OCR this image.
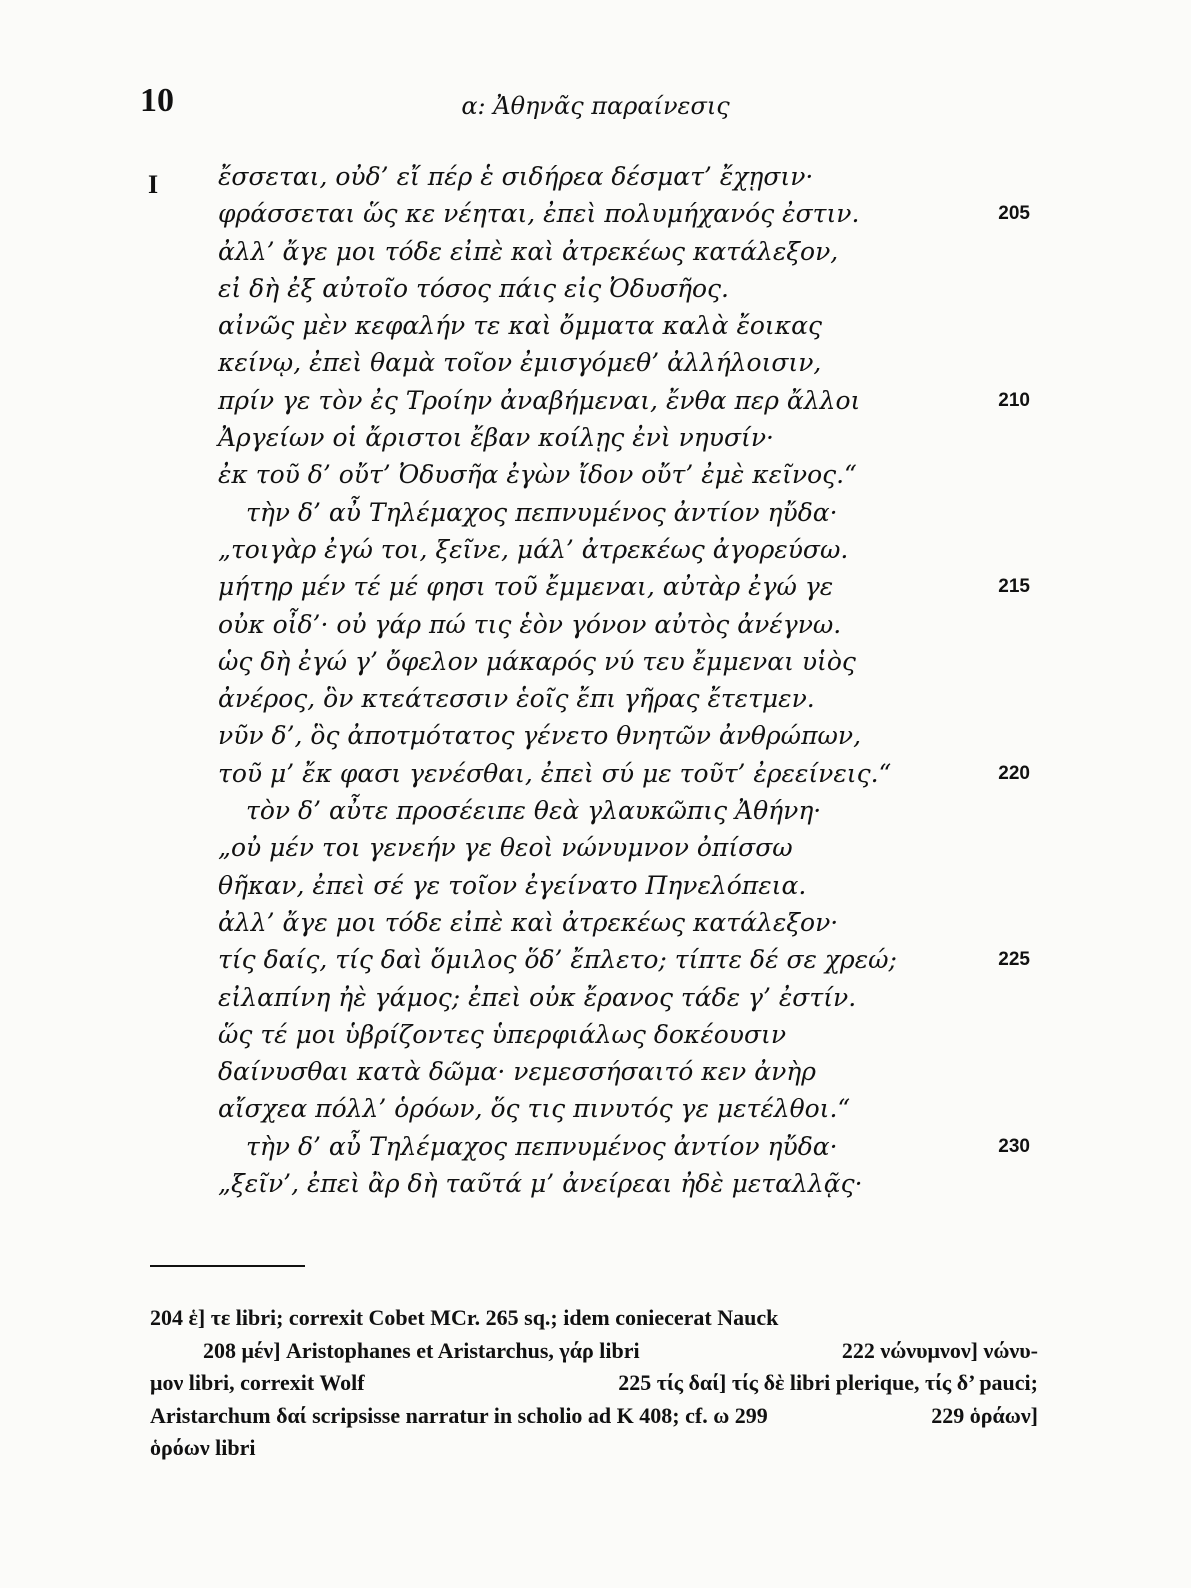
10	α: Ἀθηνᾶς παραίνεσις
I ἔσσεται, οὐδ’ εἴ πέρ ἑ σιδήρεα δέσματ’ ἔχῃσιν·
φράσσεται ὥς κε νέηται, ἐπεὶ πολυμήχανός ἐστιν.	205
ἀλλ’ ἄγε μοι τόδε εἰπὲ καὶ ἀτρεκέως κατάλεξον,
εἰ δὴ ἐξ αὐτοῖο τόσος πάις εἰς Ὀδυσῆος.
αἰνῶς μὲν κεφαλήν τε καὶ ὄμματα καλὰ ἔοικας
κείνῳ, ἐπεὶ θαμὰ τοῖον ἐμισγόμεθ’ ἀλλήλοισιν,
πρίν γε τὸν ἐς Τροίην ἀναβήμεναι, ἔνθα περ ἄλλοι	210
Ἀργείων οἱ ἄριστοι ἔβαν κοίλῃς ἐνὶ νηυσίν·
ἐκ τοῦ δ’ οὔτ’ Ὀδυσῆα ἐγὼν ἴδον οὔτ’ ἐμὲ κεῖνος.“
τὴν δ’ αὖ Τηλέμαχος πεπνυμένος ἀντίον ηὔδα·
„τοιγὰρ ἐγώ τοι, ξεῖνε, μάλ’ ἀτρεκέως ἀγορεύσω.
μήτηρ μέν τέ μέ φησι τοῦ ἔμμεναι, αὐτὰρ ἐγώ γε	215
οὐκ οἶδ’· οὐ γάρ πώ τις ἑὸν γόνον αὐτὸς ἀνέγνω.
ὡς δὴ ἐγώ γ’ ὄφελον μάκαρός νύ τευ ἔμμεναι υἱὸς
ἀνέρος, ὃν κτεάτεσσιν ἑοῖς ἔπι γῆρας ἔτετμεν.
νῦν δ’, ὃς ἀποτμότατος γένετο θνητῶν ἀνθρώπων,
τοῦ μ’ ἔκ φασι γενέσθαι, ἐπεὶ σύ με τοῦτ’ ἐρεείνεις.“	220
τὸν δ’ αὖτε προσέειπε θεὰ γλαυκῶπις Ἀθήνη·
„οὐ μέν τοι γενεήν γε θεοὶ νώνυμνον ὀπίσσω
θῆκαν, ἐπεὶ σέ γε τοῖον ἐγείνατο Πηνελόπεια.
ἀλλ’ ἄγε μοι τόδε εἰπὲ καὶ ἀτρεκέως κατάλεξον·
τίς δαίς, τίς δαὶ ὅμιλος ὅδ’ ἔπλετο; τίπτε δέ σε χρεώ;	225
εἰλαπίνη ἠὲ γάμος; ἐπεὶ οὐκ ἔρανος τάδε γ’ ἐστίν.
ὥς τέ μοι ὑβρίζοντες ὑπερφιάλως δοκέουσιν
δαίνυσθαι κατὰ δῶμα· νεμεσσήσαιτό κεν ἀνὴρ
αἴσχεα πόλλ’ ὁρόων, ὅς τις πινυτός γε μετέλθοι.“
τὴν δ’ αὖ Τηλέμαχος πεπνυμένος ἀντίον ηὔδα·	230
„ξεῖν’, ἐπεὶ ἂρ δὴ ταῦτά μ’ ἀνείρεαι ἠδὲ μεταλλᾷς·
204 ἑ] τε libri; correxit Cobet MCr. 265 sq.; idem coniecerat Nauck
208 μέν] Aristophanes et Aristarchus, γάρ libri	222 νώνυμνον] νώνυ-
μον libri, correxit Wolf	225 τίς δαί] τίς δὲ libri plerique, τίς δ’ pauci;
Aristarchum δαί scripsisse narratur in scholio ad K 408; cf. ω 299	229 ὁράων]
ὁρόων libri
